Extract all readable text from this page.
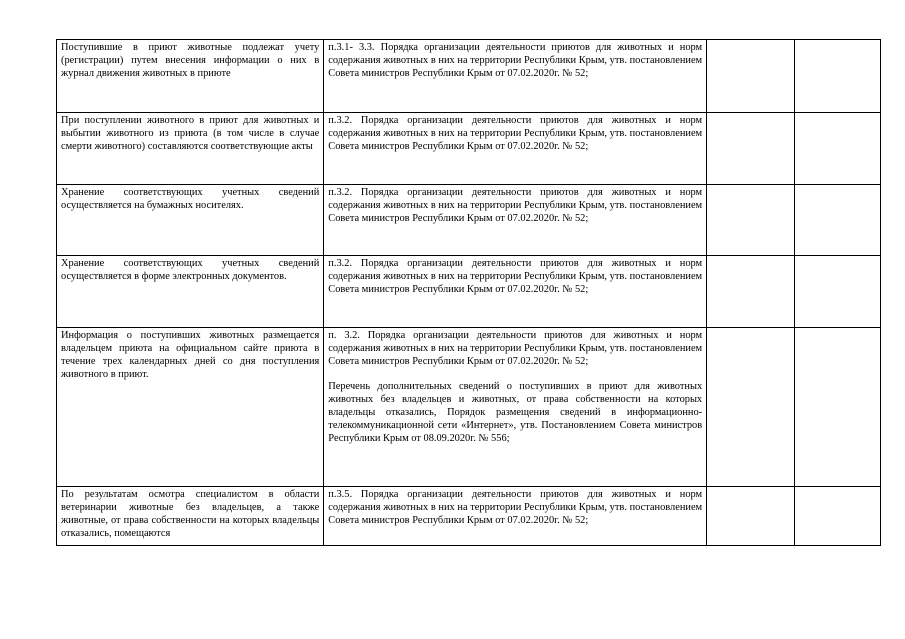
Поступившие в приют животные подлежат учету (регистрации) путем внесения информации о них в журнал движения животных в приюте	п.3.1- 3.3. Порядка организации деятельности приютов для животных и норм содержания животных в них на территории Республики Крым, утв. постановлением Совета министров Республики Крым от 07.02.2020г. № 52;		

При поступлении животного в приют для животных и выбытии животного из приюта (в том числе в случае смерти животного) составляются соответствующие акты	п.3.2. Порядка организации деятельности приютов для животных и норм содержания животных в них на территории Республики Крым, утв. постановлением Совета министров Республики Крым от 07.02.2020г. № 52;		

Хранение соответствующих учетных сведений осуществляется на бумажных носителях.	п.3.2. Порядка организации деятельности приютов для животных и норм содержания животных в них на территории Республики Крым, утв. постановлением Совета министров Республики Крым от 07.02.2020г. № 52;		

Хранение соответствующих учетных сведений осуществляется в форме электронных документов.	п.3.2. Порядка организации деятельности приютов для животных и норм содержания животных в них на территории Республики Крым, утв. постановлением Совета министров Республики Крым от 07.02.2020г. № 52;		

Информация о поступивших животных размещается владельцем приюта на официальном сайте приюта в течение трех календарных дней со дня поступления животного в приют.	п. 3.2. Порядка организации деятельности приютов для животных и норм содержания животных в них на территории Республики Крым, утв. постановлением Совета министров Республики Крым от 07.02.2020г. № 52;
Перечень дополнительных сведений о поступивших в приют для животных животных без владельцев и животных, от права собственности на которых владельцы отказались, Порядок размещения сведений в информационно-телекоммуникационной сети «Интернет», утв. Постановлением Совета министров Республики Крым от 08.09.2020г. № 556;		

По результатам осмотра специалистом в области ветеринарии животные без владельцев, а также животные, от права собственности на которых владельцы отказались, помещаются	п.3.5. Порядка организации деятельности приютов для животных и норм содержания животных в них на территории Республики Крым, утв. постановлением Совета министров Республики Крым от 07.02.2020г. № 52;		
